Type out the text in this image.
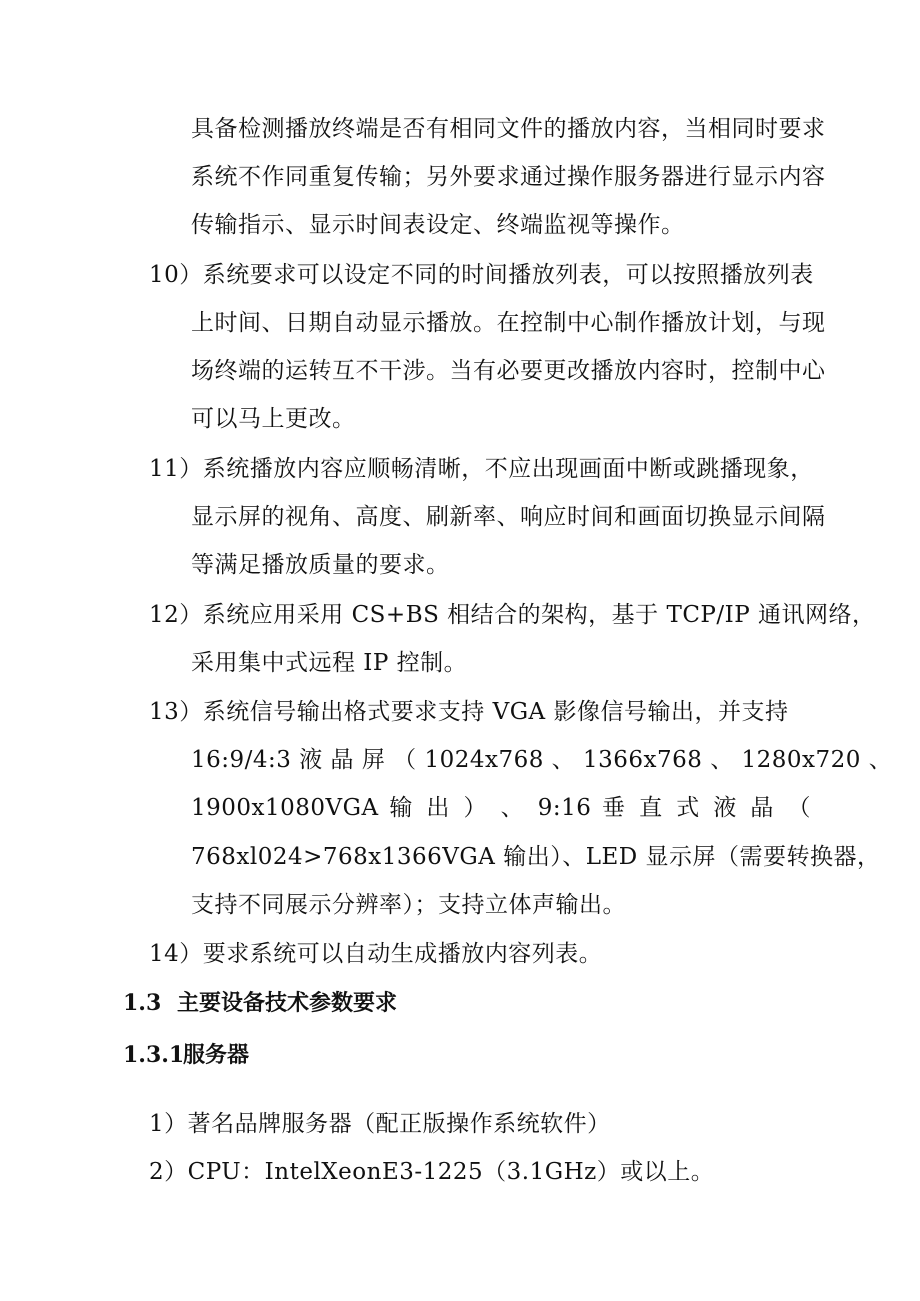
具备检测播放终端是否有相同文件的播放内容，当相同时要求
系统不作同重复传输；另外要求通过操作服务器进行显示内容
传输指示、显示时间表设定、终端监视等操作。
10）系统要求可以设定不同的时间播放列表，可以按照播放列表
上时间、日期自动显示播放。在控制中心制作播放计划，与现
场终端的运转互不干涉。当有必要更改播放内容时，控制中心
可以马上更改。
11）系统播放内容应顺畅清晰，不应出现画面中断或跳播现象，
显示屏的视角、高度、刷新率、响应时间和画面切换显示间隔
等满足播放质量的要求。
12）系统应用采用 CS+BS 相结合的架构，基于 TCP/IP 通讯网络，
采用集中式远程 IP 控制。
13）系统信号输出格式要求支持 VGA 影像信号输出，并支持
16:9/4:3 液 晶 屏 （ 1024x768 、 1366x768 、 1280x720 、
1900x1080VGA 输 出 ） 、 9:16 垂 直 式 液 晶 （
768xl024>768x1366VGA 输出）、LED 显示屏（需要转换器，
支持不同展示分辨率）；支持立体声输出。
14）要求系统可以自动生成播放内容列表。
1.3 主要设备技术参数要求
1.3.1服务器
1）著名品牌服务器（配正版操作系统软件）
2）CPU：IntelXeonE3-1225（3.1GHz）或以上。
